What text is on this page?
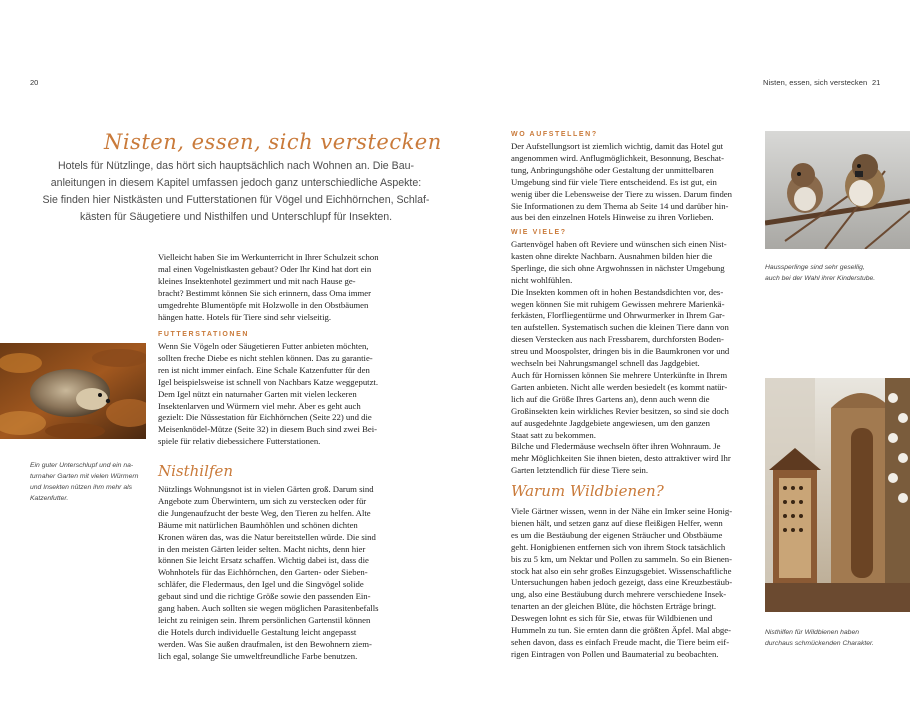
20	Nisten, essen, sich verstecken 21
Nisten, essen, sich verstecken
Hotels für Nützlinge, das hört sich hauptsächlich nach Wohnen an. Die Bau-
anleitungen in diesem Kapitel umfassen jedoch ganz unterschiedliche Aspekte:
Sie finden hier Nistkästen und Futterstationen für Vögel und Eichhörnchen, Schlaf-
kästen für Säugetiere und Nisthilfen und Unterschlupf für Insekten.
Vielleicht haben Sie im Werkunterricht in Ihrer Schulzeit schon
mal einen Vogelnistkasten gebaut? Oder Ihr Kind hat dort ein
kleines Insektenhotel gezimmert und mit nach Hause ge-
bracht? Bestimmt können Sie sich erinnern, dass Oma immer
umgedrehte Blumentöpfe mit Holzwolle in den Obstbäumen
hängen hatte. Hotels für Tiere sind sehr vielseitig.
FUTTERSTATIONEN
Wenn Sie Vögeln oder Säugetieren Futter anbieten möchten,
sollten freche Diebe es nicht stehlen können. Das zu garantie-
ren ist nicht immer einfach. Eine Schale Katzenfutter für den
Igel beispielsweise ist schnell von Nachbars Katze weggeputzt.
Dem Igel nützt ein naturnaher Garten mit vielen leckeren
Insektenlarven und Würmern viel mehr. Aber es geht auch
gezielt: Die Nüssestation für Eichhörnchen (Seite 22) und die
Meisenknödel-Mütze (Seite 32) in diesem Buch sind zwei Bei-
spiele für relativ diebessichere Futterstationen.
Ein guter Unterschlupf und ein na-
turnaher Garten mit vielen Würmern
und Insekten nützen ihm mehr als
Katzenfutter.
Nisthilfen
Nützlings Wohnungsnot ist in vielen Gärten groß. Darum sind
Angebote zum Überwintern, um sich zu verstecken oder für
die Jungenaufzucht der beste Weg, den Tieren zu helfen. Alte
Bäume mit natürlichen Baumhöhlen und schönen dichten
Kronen wären das, was die Natur bereitstellen würde. Die sind
in den meisten Gärten leider selten. Macht nichts, denn hier
können Sie leicht Ersatz schaffen. Wichtig dabei ist, dass die
Wohnhotels für das Eichhörnchen, den Garten- oder Sieben-
schläfer, die Fledermaus, den Igel und die Singvögel solide
gebaut sind und die richtige Größe sowie den passenden Ein-
gang haben. Auch sollten sie wegen möglichen Parasitenbefalls
leicht zu reinigen sein. Ihrem persönlichen Gartenstil können
die Hotels durch individuelle Gestaltung leicht angepasst
werden. Was Sie außen draufmalen, ist den Bewohnern ziem-
lich egal, solange Sie umweltfreundliche Farbe benutzen.
WO AUFSTELLEN?
Der Aufstellungsort ist ziemlich wichtig, damit das Hotel gut
angenommen wird. Anflugmöglichkeit, Besonnung, Beschat-
tung, Anbringungshöhe oder Gestaltung der unmittelbaren
Umgebung sind für viele Tiere entscheidend. Es ist gut, ein
wenig über die Lebensweise der Tiere zu wissen. Darum finden
Sie Informationen zu dem Thema ab Seite 14 und darüber hin-
aus bei den einzelnen Hotels Hinweise zu ihren Vorlieben.
WIE VIELE?
Gartenvögel haben oft Reviere und wünschen sich einen Nist-
kasten ohne direkte Nachbarn. Ausnahmen bilden hier die
Sperlinge, die sich ohne Argwohnssen in nächster Umgebung
nicht wohlfühlen.
Die Insekten kommen oft in hohen Bestandsdichten vor, des-
wegen können Sie mit ruhigem Gewissen mehrere Marienkä-
ferkästen, Florfliegentürme und Ohrwurmerker in Ihrem Gar-
ten aufstellen. Systematisch suchen die kleinen Tiere dann von
diesen Verstecken aus nach Fressbarem, durchforsten Boden-
streu und Moospolster, dringen bis in die Baumkronen vor und
wechseln bei Nahrungsmangel schnell das Jagdgebiet.
Auch für Hornissen können Sie mehrere Unterkünfte in Ihrem
Garten anbieten. Nicht alle werden besiedelt (es kommt natür-
lich auf die Größe Ihres Gartens an), denn auch wenn die
Großinsekten kein wirkliches Revier besitzen, so sind sie doch
auf ausgedehnte Jagdgebiete angewiesen, um den ganzen
Staat satt zu bekommen.
Bilche und Fledermäuse wechseln öfter ihren Wohnraum. Je
mehr Möglichkeiten Sie ihnen bieten, desto attraktiver wird Ihr
Garten letztendlich für diese Tiere sein.
Warum Wildbienen?
Viele Gärtner wissen, wenn in der Nähe ein Imker seine Honig-
bienen hält, und setzen ganz auf diese fleißigen Helfer, wenn
es um die Bestäubung der eigenen Sträucher und Obstbäume
geht. Honigbienen entfernen sich von ihrem Stock tatsächlich
bis zu 5 km, um Nektar und Pollen zu sammeln. So ein Bienen-
stock hat also ein sehr großes Einzugsgebiet. Wissenschaftliche
Untersuchungen haben jedoch gezeigt, dass eine Kreuzbestäub-
ung, also eine Bestäubung durch mehrere verschiedene Insek-
tenarten an der gleichen Blüte, die höchsten Erträge bringt.
Deswegen lohnt es sich für Sie, etwas für Wildbienen und
Hummeln zu tun. Sie ernten dann die größten Äpfel. Mal abge-
sehen davon, dass es einfach Freude macht, die Tiere beim eif-
rigen Eintragen von Pollen und Baumaterial zu beobachten.
Haussperlinge sind sehr gesellig,
auch bei der Wahl ihrer Kinderstube.
Nisthilfen für Wildbienen haben
durchaus schmückenden Charakter.
